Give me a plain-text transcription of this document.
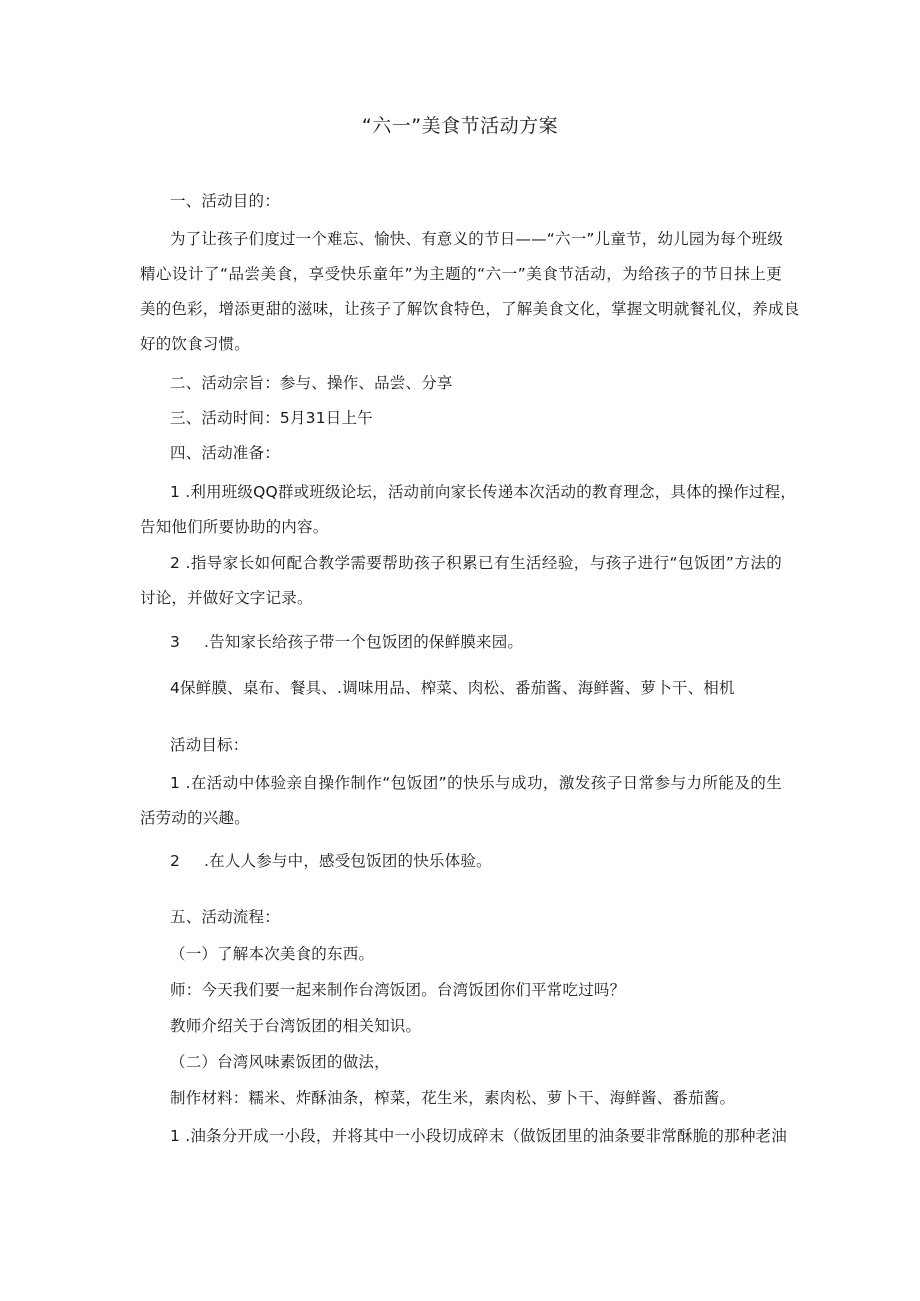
“六一”美食节活动方案
一、活动目的：
为了让孩子们度过一个难忘、愉快、有意义的节日——“六一”儿童节，幼儿园为每个班级
精心设计了“品尝美食，享受快乐童年”为主题的“六一”美食节活动，为给孩子的节日抹上更
美的色彩，增添更甜的滋味，让孩子了解饮食特色，了解美食文化，掌握文明就餐礼仪，养成良
好的饮食习惯。
二、活动宗旨：参与、操作、品尝、分享
三、活动时间：5月31日上午
四、活动准备：
1 .利用班级QQ群或班级论坛，活动前向家长传递本次活动的教育理念，具体的操作过程，
告知他们所要协助的内容。
2 .指导家长如何配合教学需要帮助孩子积累已有生活经验，与孩子进行“包饭团”方法的
讨论，并做好文字记录。
3 .告知家长给孩子带一个包饭团的保鲜膜来园。
4保鲜膜、桌布、餐具、.调味用品、榨菜、肉松、番茄酱、海鲜酱、萝卜干、相机
活动目标：
1 .在活动中体验亲自操作制作“包饭团”的快乐与成功，激发孩子日常参与力所能及的生
活劳动的兴趣。
2 .在人人参与中，感受包饭团的快乐体验。
五、活动流程：
（一）了解本次美食的东西。
师：今天我们要一起来制作台湾饭团。台湾饭团你们平常吃过吗？
教师介绍关于台湾饭团的相关知识。
（二）台湾风味素饭团的做法，
制作材料：糯米、炸酥油条，榨菜，花生米，素肉松、萝卜干、海鲜酱、番茄酱。
1 .油条分开成一小段，并将其中一小段切成碎末（做饭团里的油条要非常酥脆的那种老油
